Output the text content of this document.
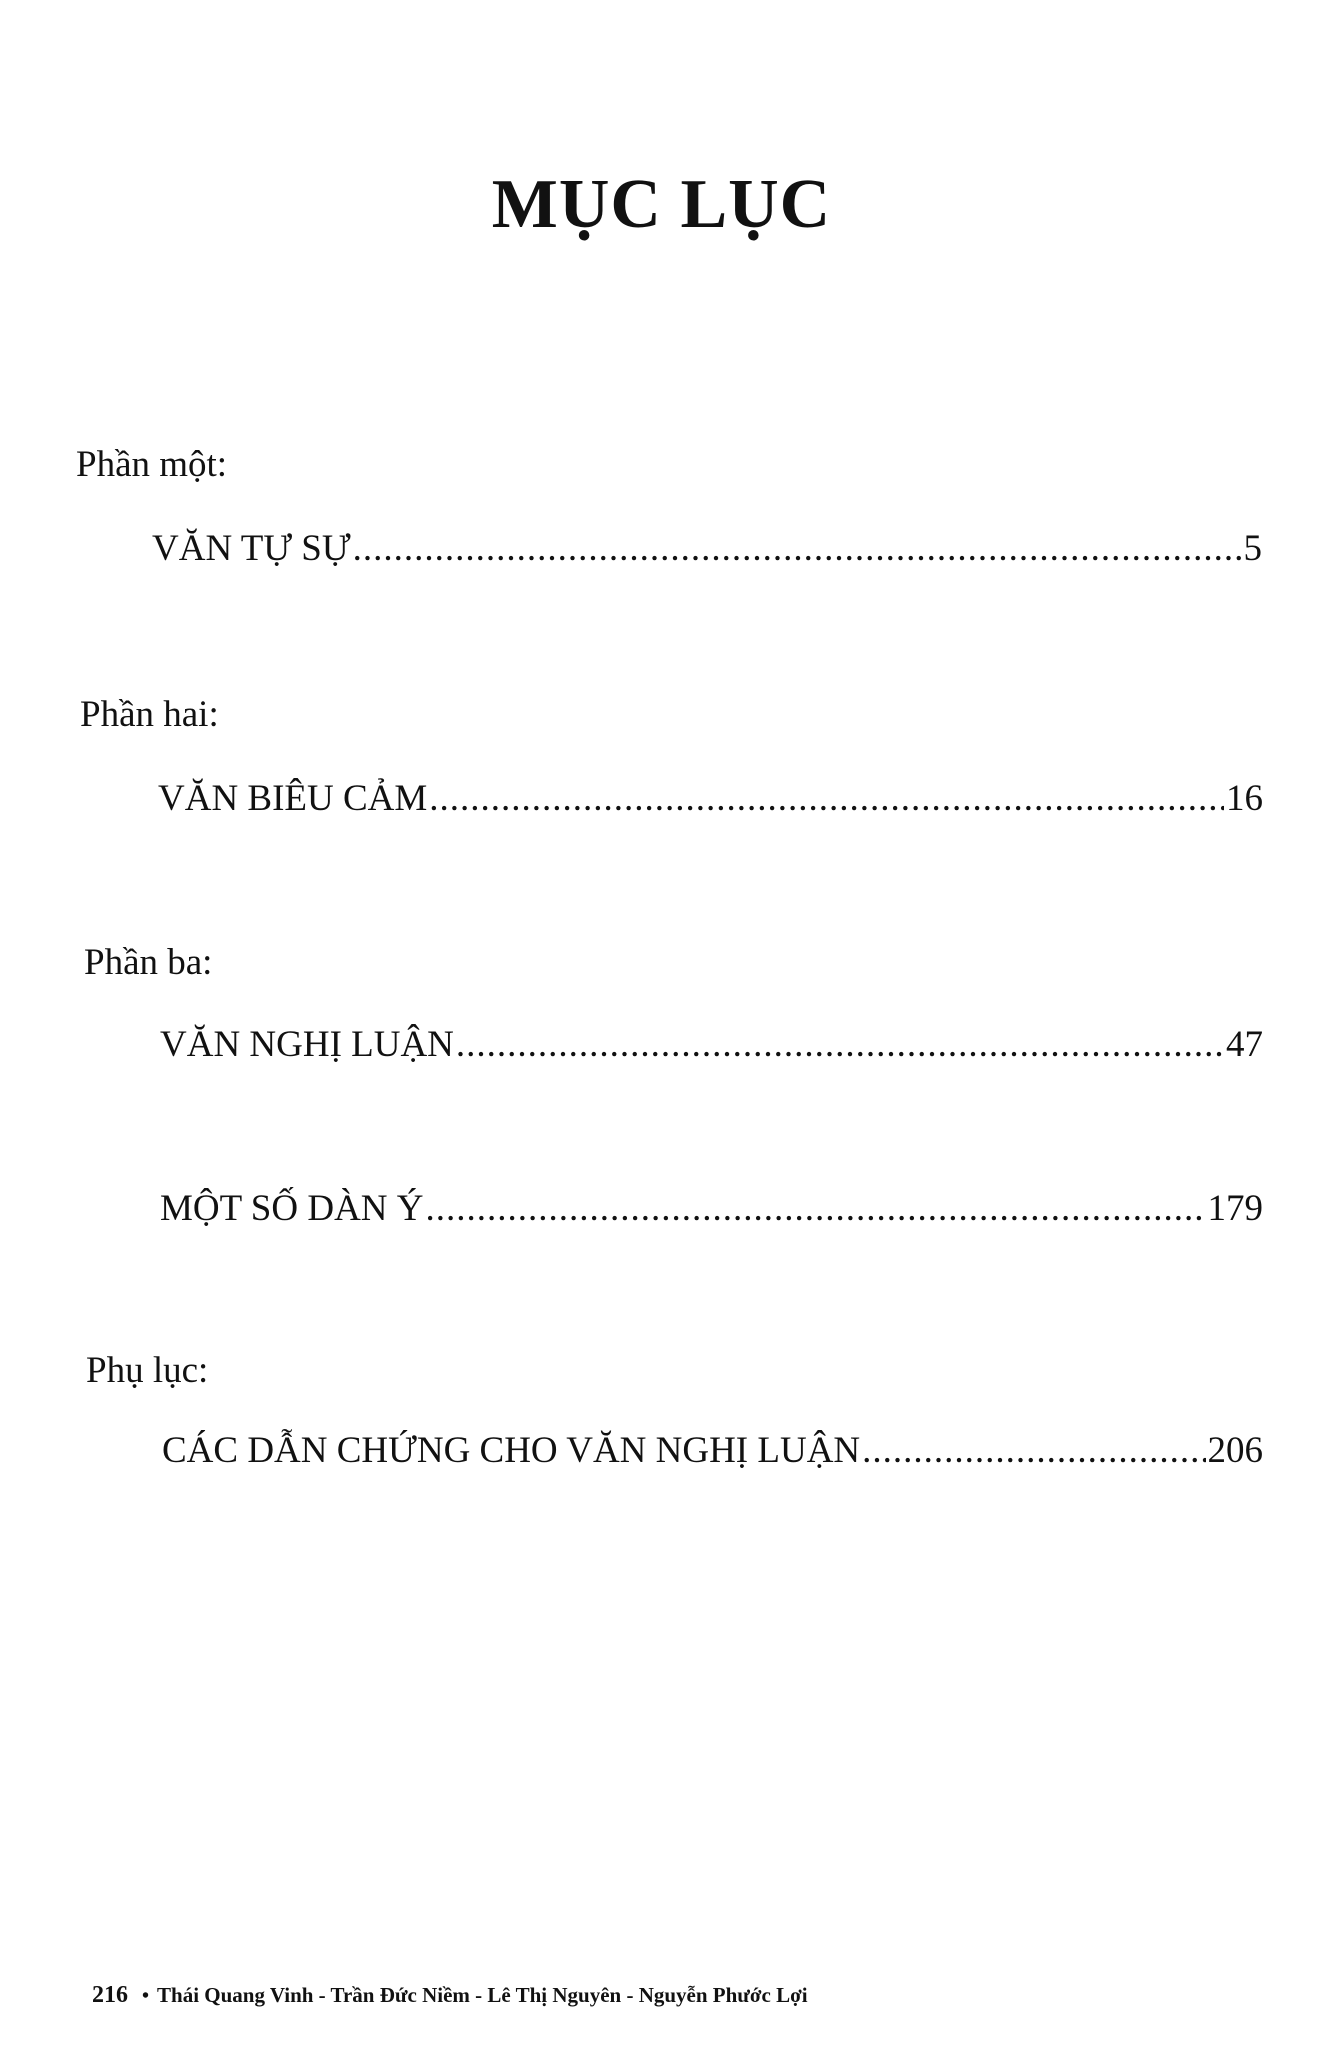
MỤC LỤC
Phần một:
VĂN TỰ SỰ .....	5
Phần hai:
VĂN BIÊU CẢM .....	16
Phần ba:
VĂN NGHỊ LUẬN .....	47
MỘT SỐ DÀN Ý .....	179
Phụ lục:
CÁC DẪN CHỨNG CHO VĂN NGHỊ LUẬN .....	206
216 • Thái Quang Vinh - Trần Đức Niềm - Lê Thị Nguyên - Nguyễn Phước Lợi
